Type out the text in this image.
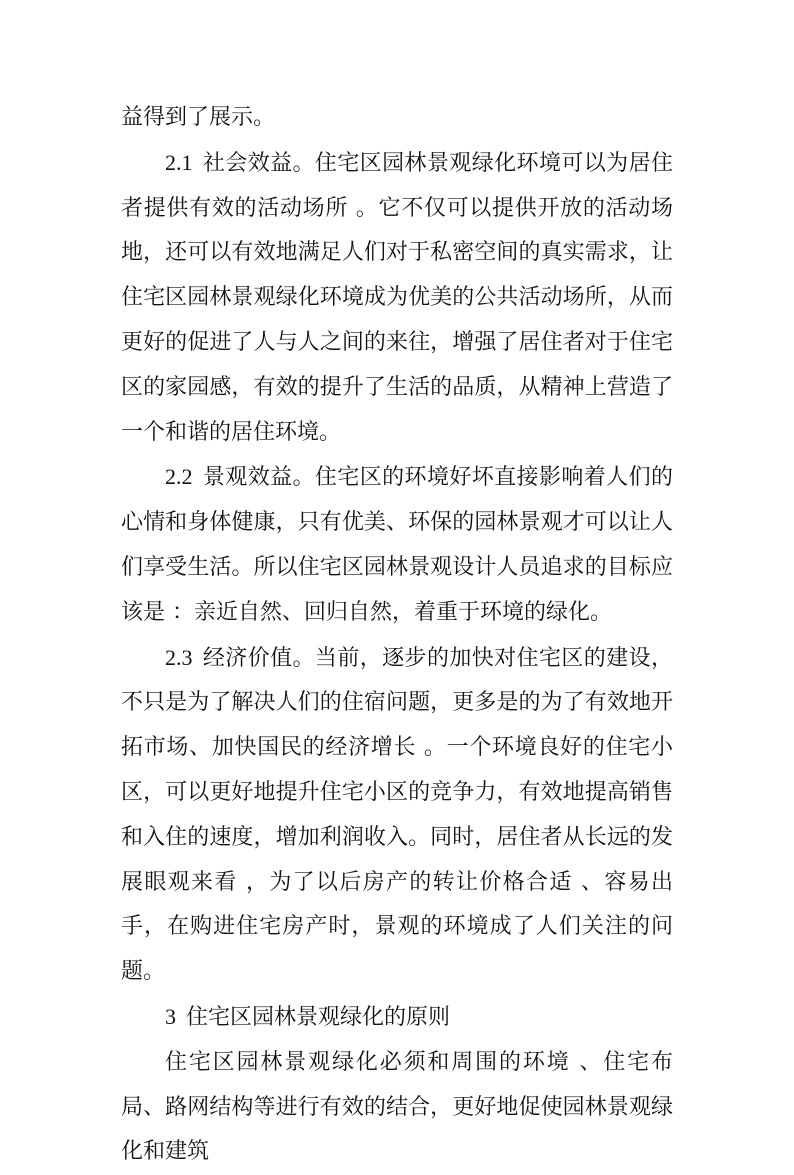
益得到了展示。

2.1 社会效益。住宅区园林景观绿化环境可以为居住者提供有效的活动场所 。它不仅可以提供开放的活动场地，还可以有效地满足人们对于私密空间的真实需求，让住宅区园林景观绿化环境成为优美的公共活动场所，从而更好的促进了人与人之间的来往，增强了居住者对于住宅区的家园感，有效的提升了生活的品质，从精神上营造了一个和谐的居住环境。

2.2 景观效益。住宅区的环境好坏直接影响着人们的心情和身体健康，只有优美、环保的园林景观才可以让人们享受生活。所以住宅区园林景观设计人员追求的目标应该是 ：亲近自然、回归自然，着重于环境的绿化。

2.3 经济价值。当前，逐步的加快对住宅区的建设，不只是为了解决人们的住宿问题，更多是的为了有效地开拓市场、加快国民的经济增长 。一个环境良好的住宅小区，可以更好地提升住宅小区的竞争力，有效地提高销售和入住的速度，增加利润收入。同时，居住者从长远的发展眼观来看 ，为了以后房产的转让价格合适 、容易出手，在购进住宅房产时，景观的环境成了人们关注的问题。

3 住宅区园林景观绿化的原则

住宅区园林景观绿化必须和周围的环境 、住宅布局、路网结构等进行有效的结合，更好地促使园林景观绿化和建筑
